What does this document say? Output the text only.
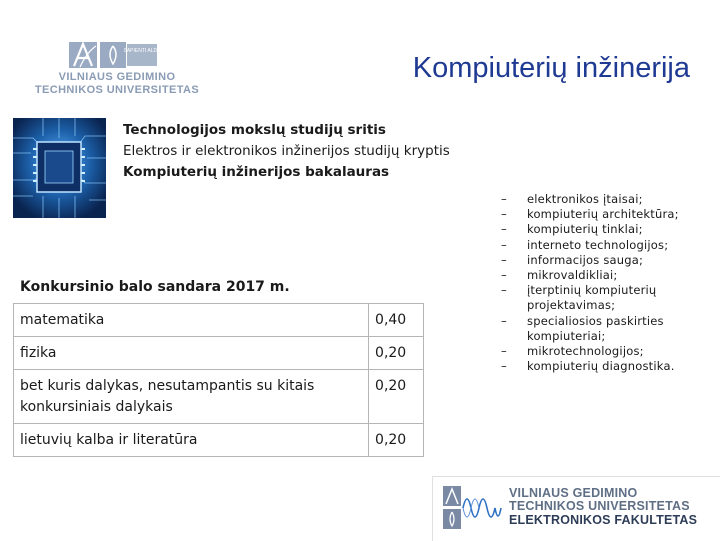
SAPIENTI ALDE
VILNIAUS GEDIMINO
TECHNIKOS UNIVERSITETAS
Kompiuterių inžinerija
Technologijos mokslų studijų sritis
Elektros ir elektronikos inžinerijos studijų kryptis
Kompiuterių inžinerijos bakalauras
Konkursinio balo sandara 2017 m.
matematika	0,40
fizika	0,20
bet kuris dalykas, nesutampantis su kitais konkursiniais dalykais	0,20
lietuvių kalba ir literatūra	0,20
– elektronikos įtaisai;
– kompiuterių architektūra;
– kompiuterių tinklai;
– interneto technologijos;
– informacijos sauga;
– mikrovaldikliai;
– įterptinių kompiuterių projektavimas;
– specialiosios paskirties kompiuteriai;
– mikrotechnologijos;
– kompiuterių diagnostika.
VILNIAUS GEDIMINO
TECHNIKOS UNIVERSITETAS
ELEKTRONIKOS FAKULTETAS
